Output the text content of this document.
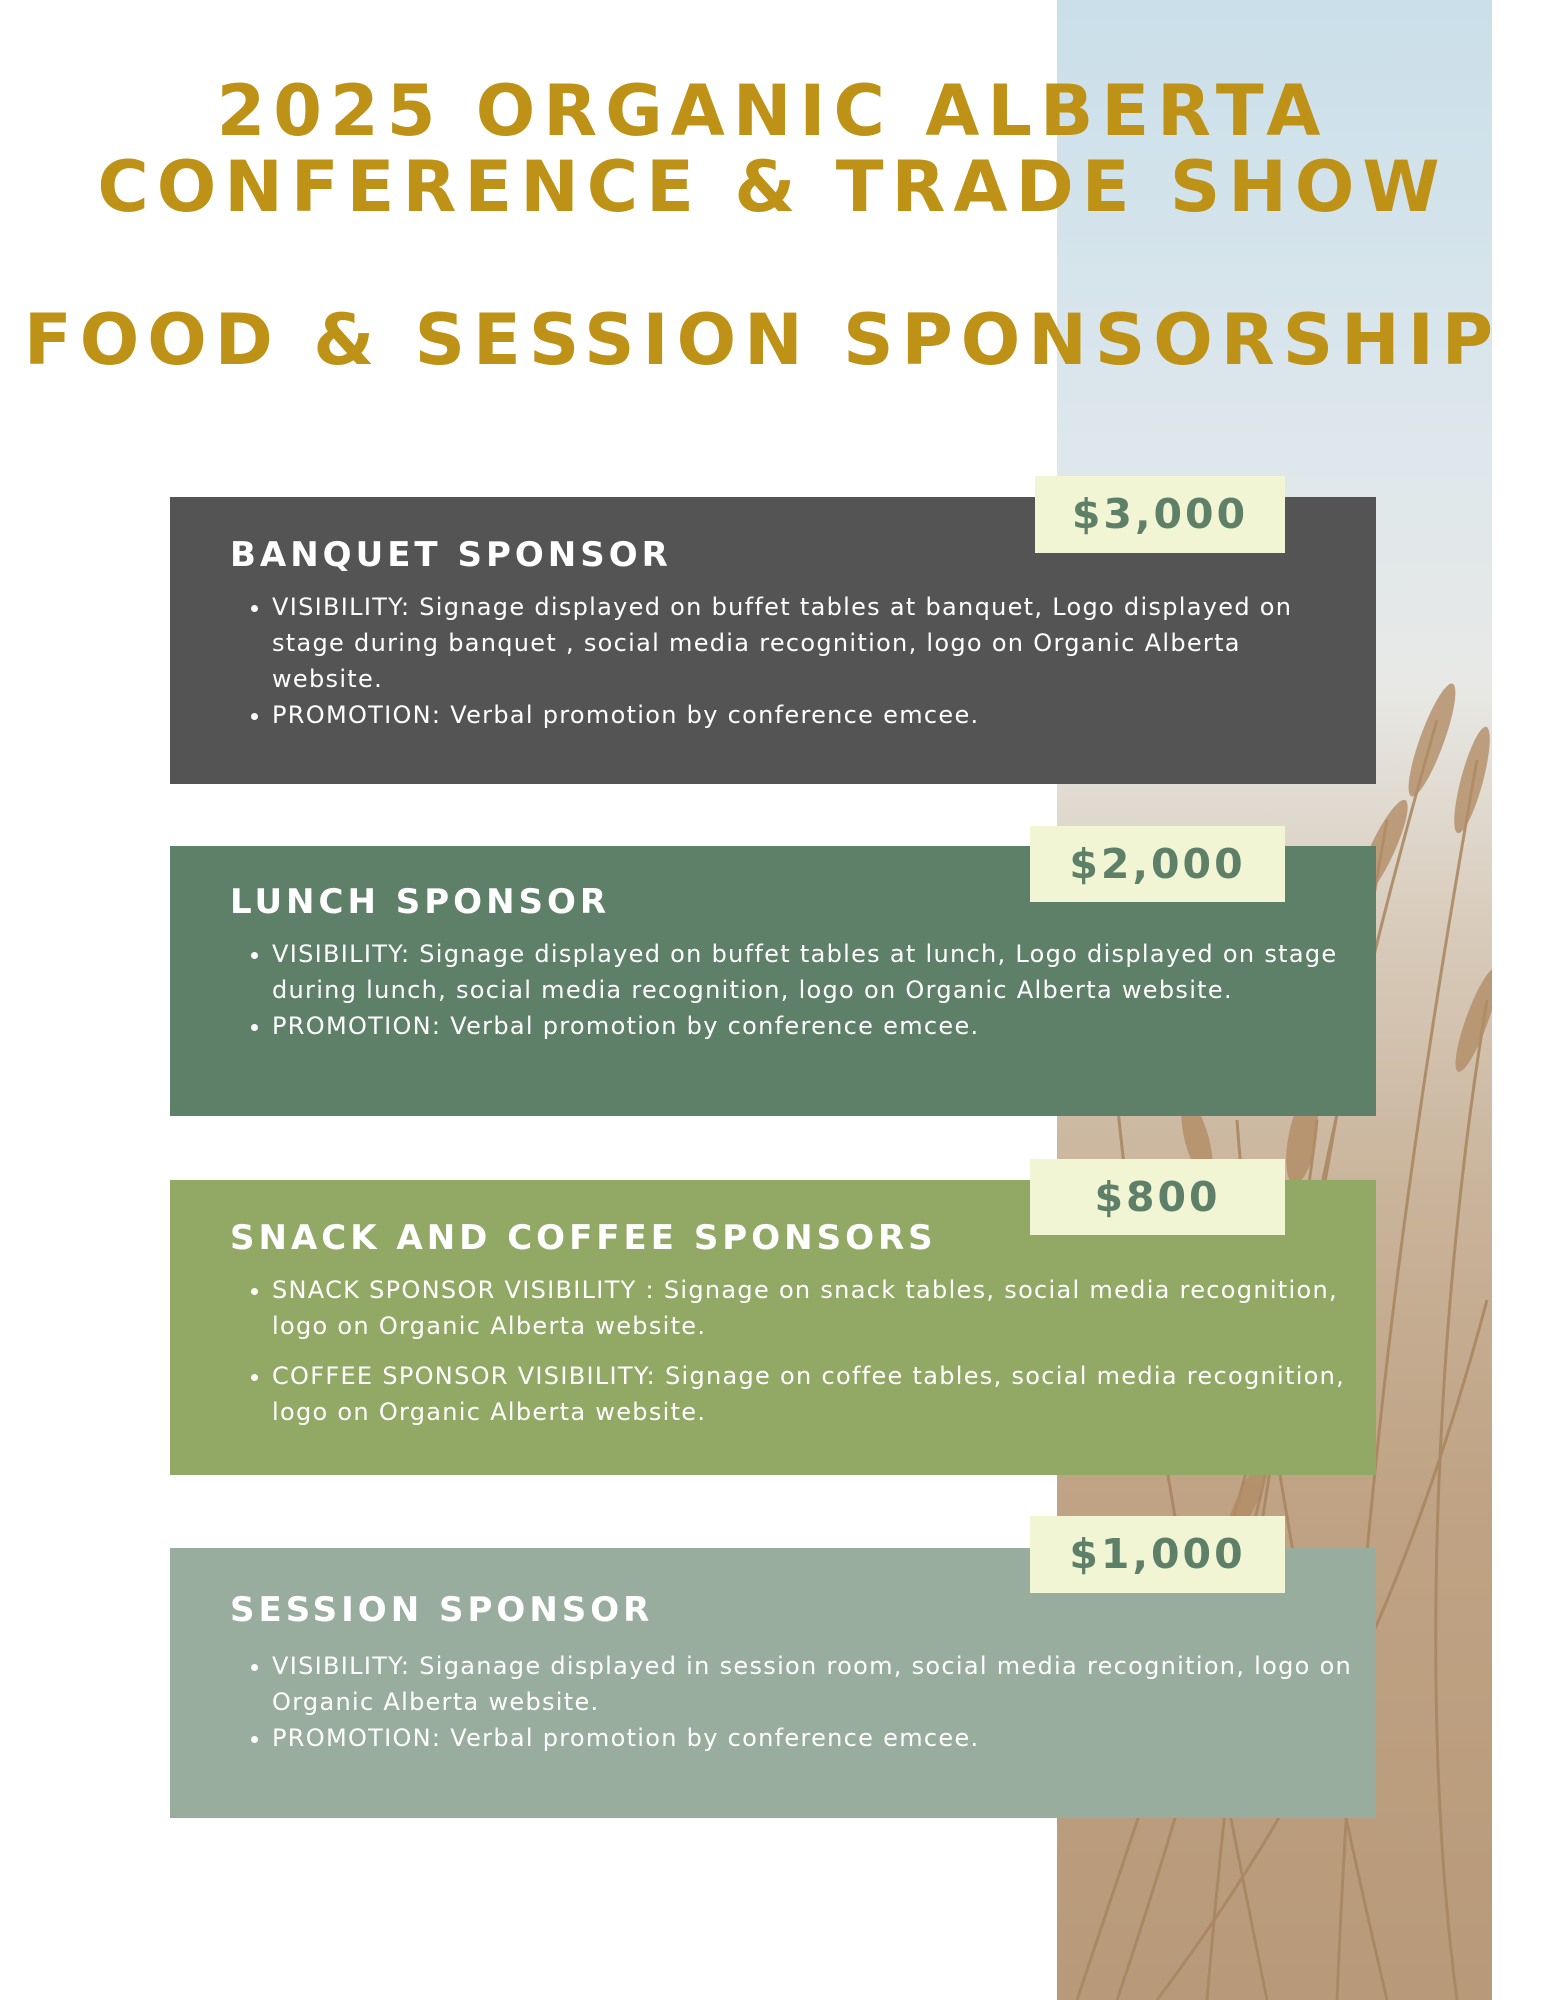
2025 ORGANIC ALBERTA
CONFERENCE & TRADE SHOW
FOOD & SESSION SPONSORSHIP
BANQUET SPONSOR
• VISIBILITY: Signage displayed on buffet tables at banquet, Logo displayed on stage during banquet , social media recognition, logo on Organic Alberta website.
• PROMOTION: Verbal promotion by conference emcee.
$3,000
LUNCH SPONSOR
• VISIBILITY: Signage displayed on buffet tables at lunch, Logo displayed on stage during lunch, social media recognition, logo on Organic Alberta website.
• PROMOTION: Verbal promotion by conference emcee.
$2,000
SNACK AND COFFEE SPONSORS
• SNACK SPONSOR VISIBILITY : Signage on snack tables, social media recognition, logo on Organic Alberta website.
• COFFEE SPONSOR VISIBILITY: Signage on coffee tables, social media recognition, logo on Organic Alberta website.
$800
SESSION SPONSOR
• VISIBILITY: Siganage displayed in session room, social media recognition, logo on Organic Alberta website.
• PROMOTION: Verbal promotion by conference emcee.
$1,000
